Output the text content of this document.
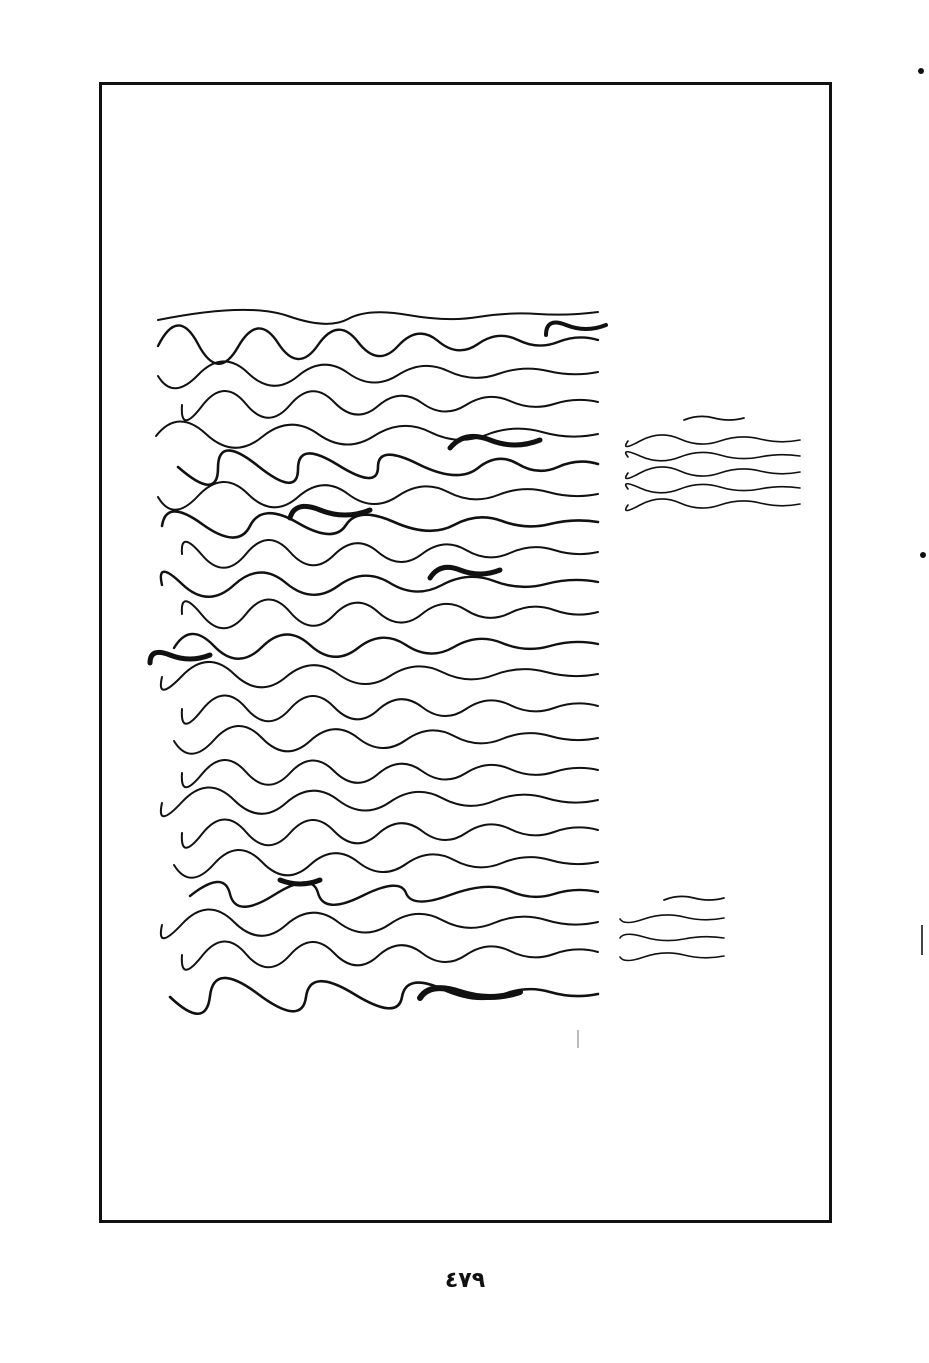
٤٧٩
